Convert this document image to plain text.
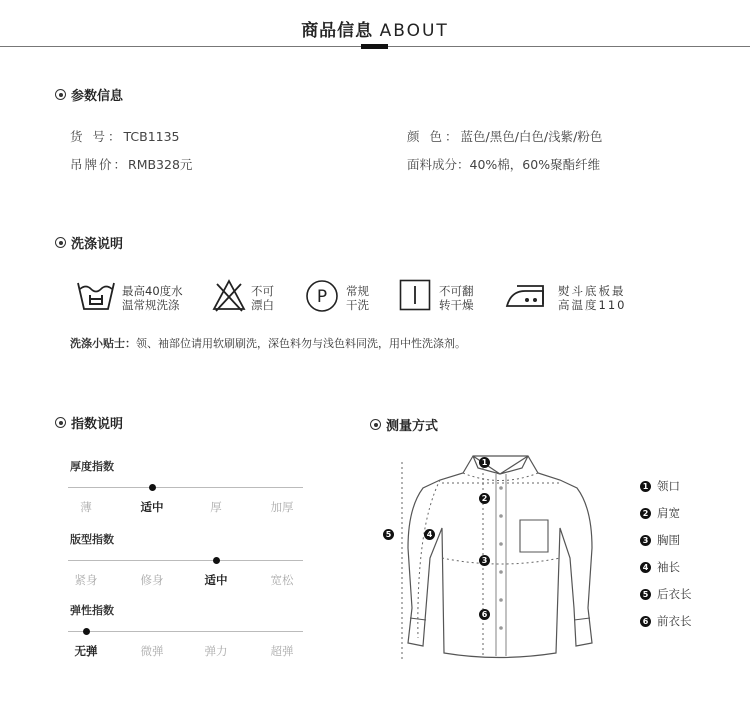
商品信息 ABOUT
参数信息
货 号：TCB1135
吊牌价：RMB328元
颜 色：蓝色/黑色/白色/浅紫/粉色
面料成分：40%棉，60%聚酯纤维
洗涤说明
最高40度水
温常规洗涤
不可
漂白	P 常规
干洗
不可翻
转干燥
熨斗底板最
高温度110
洗涤小贴士：领、袖部位请用软刷刷洗，深色料勿与浅色料同洗，用中性洗涤剂。
指数说明
厚度指数
薄	适中	厚	加厚
版型指数
紧身	修身	适中	宽松
弹性指数
无弹	微弹	弹力	超弹
测量方式
1
2
3
4
5
6
1 领口
2 肩宽
3 胸围
4 袖长
5 后衣长
6 前衣长
